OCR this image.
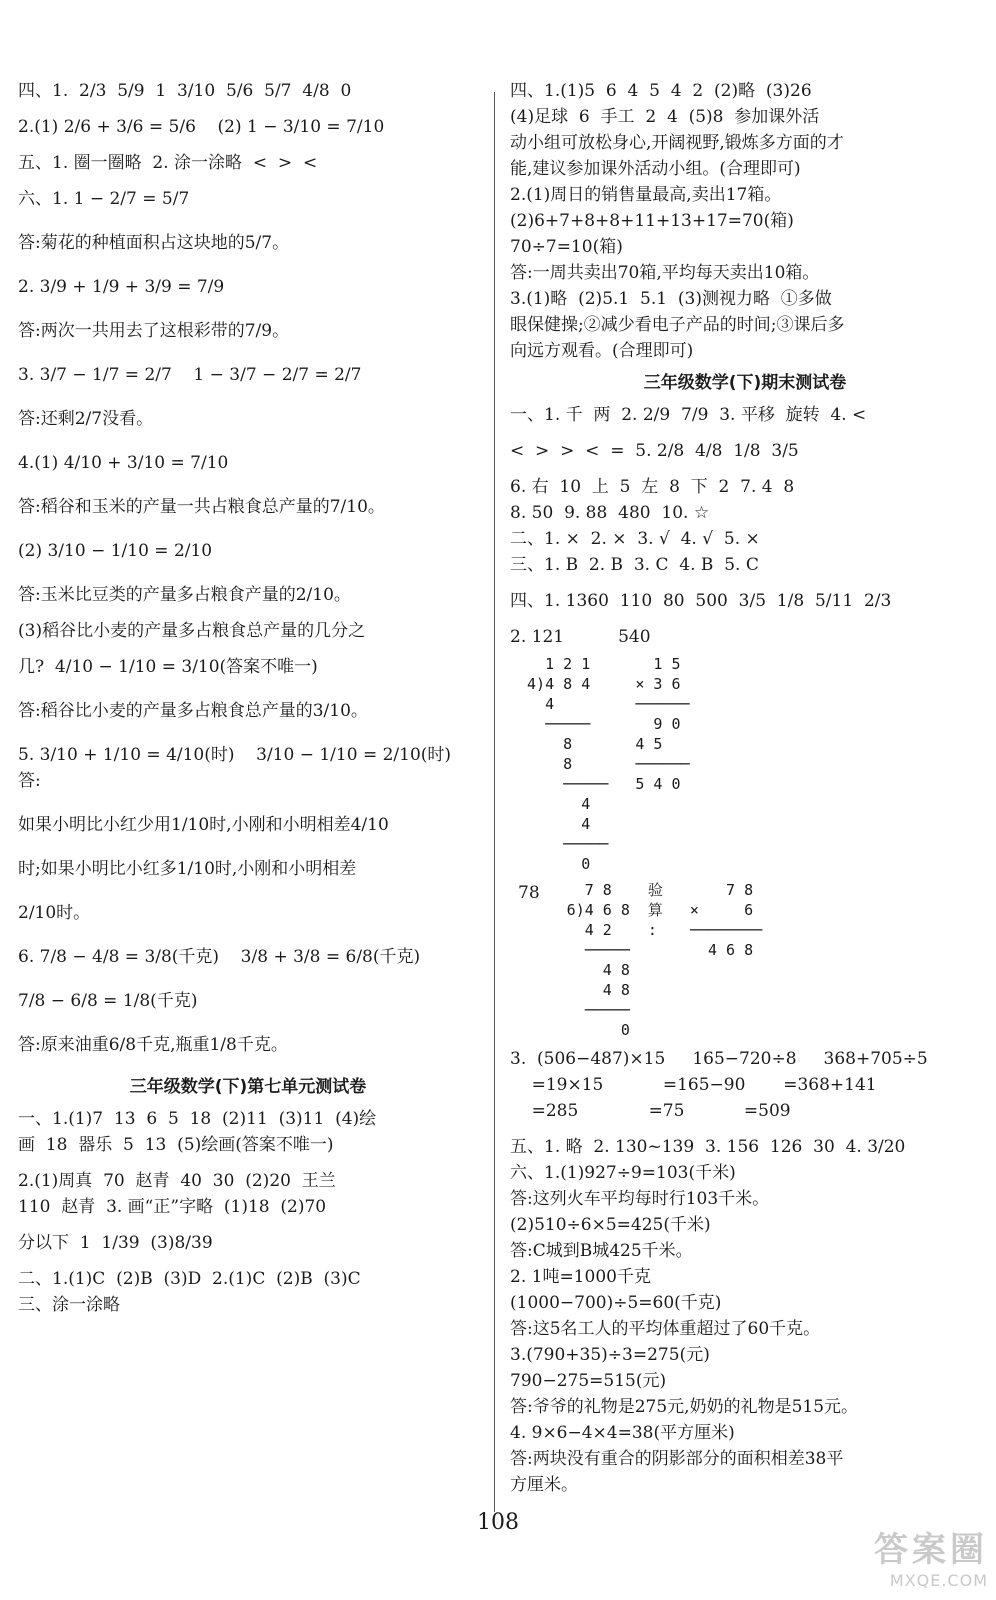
四、1.  2/3  5/9  1  3/10  5/6  5/7  4/8  0

2.(1) 2/6 + 3/6 = 5/6    (2) 1 − 3/10 = 7/10

五、1. 圈一圈略  2. 涂一涂略  <  >  <

六、1. 1 − 2/7 = 5/7

答:菊花的种植面积占这块地的5/7。

2. 3/9 + 1/9 + 3/9 = 7/9

答:两次一共用去了这根彩带的7/9。

3. 3/7 − 1/7 = 2/7    1 − 3/7 − 2/7 = 2/7

答:还剩2/7没看。

4.(1) 4/10 + 3/10 = 7/10

答:稻谷和玉米的产量一共占粮食总产量的7/10。

(2) 3/10 − 1/10 = 2/10

答:玉米比豆类的产量多占粮食产量的2/10。

(3)稻谷比小麦的产量多占粮食总产量的几分之

几?  4/10 − 1/10 = 3/10(答案不唯一)

答:稻谷比小麦的产量多占粮食总产量的3/10。

5. 3/10 + 1/10 = 4/10(时)    3/10 − 1/10 = 2/10(时)   答:

如果小明比小红少用1/10时,小刚和小明相差4/10

时;如果小明比小红多1/10时,小刚和小明相差

2/10时。

6. 7/8 − 4/8 = 3/8(千克)    3/8 + 3/8 = 6/8(千克)

7/8 − 6/8 = 1/8(千克)

答:原来油重6/8千克,瓶重1/8千克。

三年级数学(下)第七单元测试卷

一、1.(1)7  13  6  5  18  (2)11  (3)11  (4)绘

画  18  器乐  5  13  (5)绘画(答案不唯一)

2.(1)周真  70  赵青  40  30  (2)20  王兰

110  赵青  3. 画“正”字略  (1)18  (2)70

分以下  1  1/39  (3)8/39

二、1.(1)C  (2)B  (3)D  2.(1)C  (2)B  (3)C

三、涂一涂略

四、1.(1)5  6  4  5  4  2  (2)略  (3)26

(4)足球  6  手工  2  4  (5)8  参加课外活

动小组可放松身心,开阔视野,锻炼多方面的才

能,建议参加课外活动小组。(合理即可)

2.(1)周日的销售量最高,卖出17箱。

(2)6+7+8+8+11+13+17=70(箱)

70÷7=10(箱)

答:一周共卖出70箱,平均每天卖出10箱。

3.(1)略  (2)5.1  5.1  (3)测视力略  ①多做

眼保健操;②减少看电子产品的时间;③课后多

向远方观看。(合理即可)

三年级数学(下)期末测试卷

一、1. 千  两  2. 2/9  7/9  3. 平移  旋转  4. <

<  >  >  <  =  5. 2/8  4/8  1/8  3/5

6. 右  10  上  5  左  8  下  2  7. 4  8

8. 50  9. 88  480  10. ☆

二、1. ×  2. ×  3. √  4. √  5. ×

三、1. B  2. B  3. C  4. B  5. C

四、1. 1360  110  80  500  3/5  1/8  5/11  2/3

2. 121          540

1 2 1
4)4 8 4
4
─────
8
8
─────
4
4
─────
0
1 5
× 3 6
──────
9 0
4 5
──────
5 4 0
78	7 8
6)4 6 8
4 2
─────
4 8
4 8
─────
0
验
算
:
7 8
×     6
────────
4 6 8

3.  (506−487)×15     165−720÷8     368+705÷5

=19×15           =165−90       =368+141

=285             =75           =509

五、1. 略  2. 130~139  3. 156  126  30  4. 3/20

六、1.(1)927÷9=103(千米)

答:这列火车平均每时行103千米。

(2)510÷6×5=425(千米)

答:C城到B城425千米。

2. 1吨=1000千克

(1000−700)÷5=60(千克)

答:这5名工人的平均体重超过了60千克。

3.(790+35)÷3=275(元)

790−275=515(元)

答:爷爷的礼物是275元,奶奶的礼物是515元。

4. 9×6−4×4=38(平方厘米)

答:两块没有重合的阴影部分的面积相差38平

方厘米。

108
答案圈
MXQE.COM
